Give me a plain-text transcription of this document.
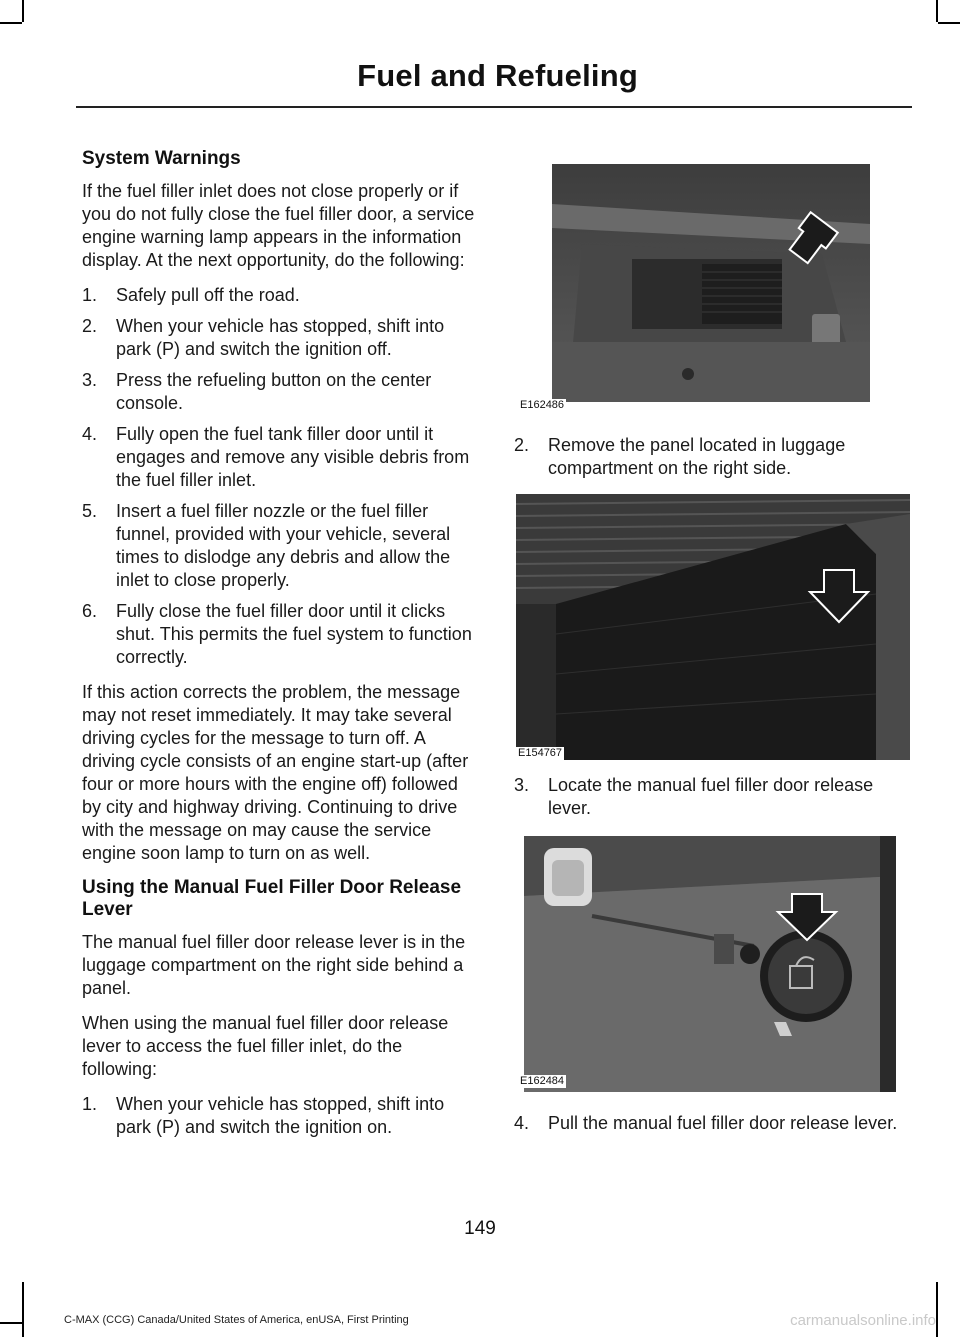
Fuel and Refueling
System Warnings

If the fuel filler inlet does not close properly or if you do not fully close the fuel filler door, a service engine warning lamp appears in the information display. At the next opportunity, do the following:

1. Safely pull off the road.
2. When your vehicle has stopped, shift into park (P) and switch the ignition off.
3. Press the refueling button on the center console.
4. Fully open the fuel tank filler door until it engages and remove any visible debris from the fuel filler inlet.
5. Insert a fuel filler nozzle or the fuel filler funnel, provided with your vehicle, several times to dislodge any debris and allow the inlet to close properly.
6. Fully close the fuel filler door until it clicks shut. This permits the fuel system to function correctly.

If this action corrects the problem, the message may not reset immediately. It may take several driving cycles for the message to turn off. A driving cycle consists of an engine start-up (after four or more hours with the engine off) followed by city and highway driving. Continuing to drive with the message on may cause the service engine soon lamp to turn on as well.

Using the Manual Fuel Filler Door Release Lever

The manual fuel filler door release lever is in the luggage compartment on the right side behind a panel.

When using the manual fuel filler door release lever to access the fuel filler inlet, do the following:

1. When your vehicle has stopped, shift into park (P) and switch the ignition on.
E162486
2. Remove the panel located in luggage compartment on the right side.
E154767
3. Locate the manual fuel filler door release lever.
E162484
4. Pull the manual fuel filler door release lever.
149
C-MAX (CCG) Canada/United States of America, enUSA, First Printing	carmanualsonline.info
